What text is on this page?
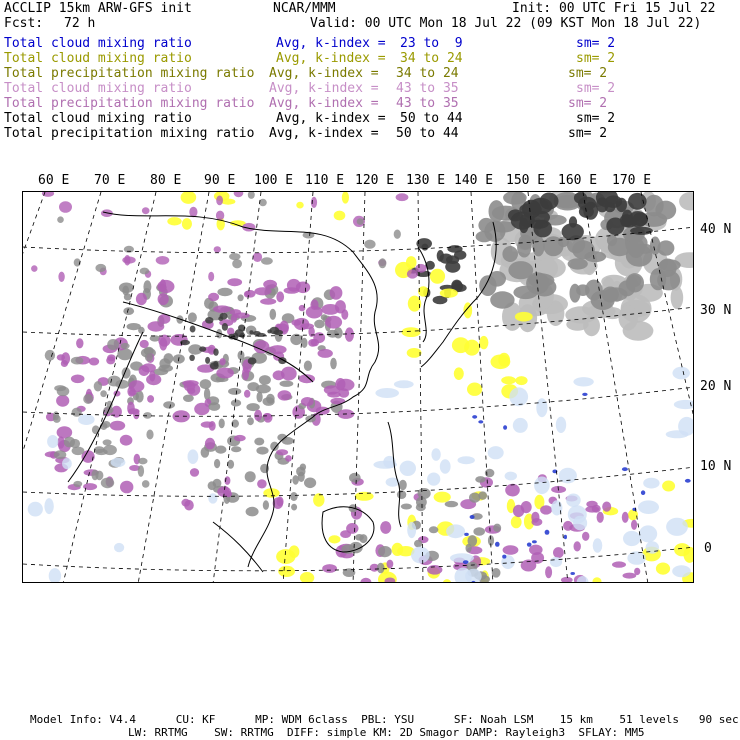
ACCLIP 15km ARW-GFS init	NCAR/MMM	Init: 00 UTC Fri 15 Jul 22
Fcst: 72 h	Valid: 00 UTC Mon 18 Jul 22 (09 KST Mon 18 Jul 22)
Total cloud mixing ratio	Avg, k-index = 23 to  9	sm= 2
Total cloud mixing ratio	Avg, k-index = 34 to 24	sm= 2
Total precipitation mixing ratio Avg, k-index = 34 to 24	sm= 2
Total cloud mixing ratio	Avg, k-index = 43 to 35	sm= 2
Total precipitation mixing ratio Avg, k-index = 43 to 35	sm= 2
Total cloud mixing ratio	Avg, k-index = 50 to 44	sm= 2
Total precipitation mixing ratio Avg, k-index = 50 to 44	sm= 2
60 E 70 E 80 E 90 E 100 E 110 E 120 E 130 E 140 E 150 E 160 E 170 E
40 N
30 N
20 N
10 N
0
Model Info: V4.4      CU: KF      MP: WDM 6class  PBL: YSU      SF: Noah LSM    15 km    51 levels   90 sec
LW: RRTMG    SW: RRTMG  DIFF: simple KM: 2D Smagor DAMP: Rayleigh3  SFLAY: MM5
